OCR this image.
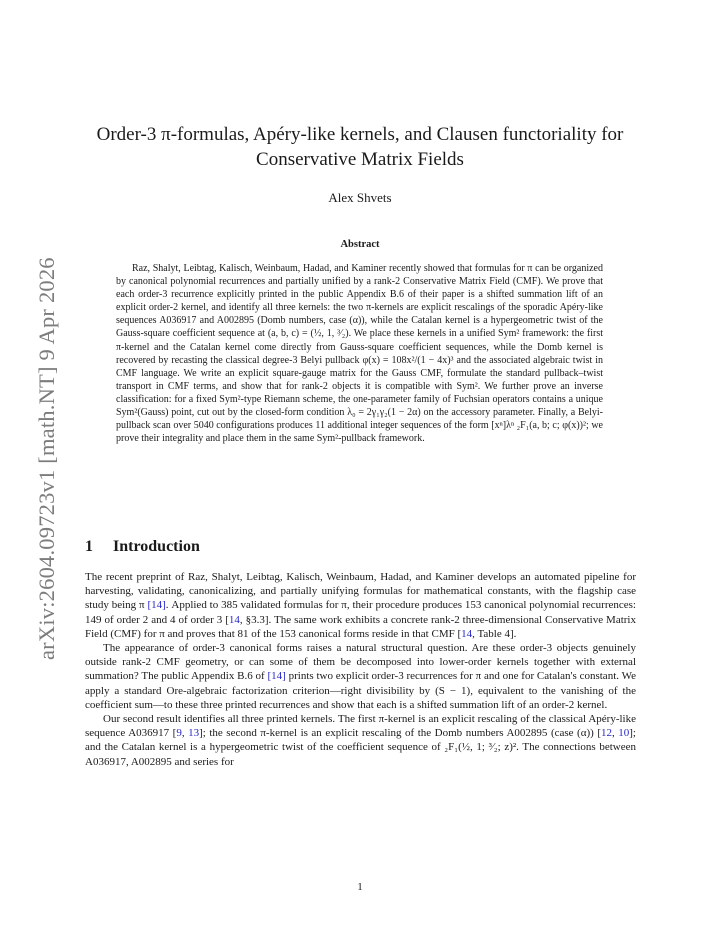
arXiv:2604.09723v1 [math.NT] 9 Apr 2026
Order-3 π-formulas, Apéry-like kernels, and Clausen functoriality for Conservative Matrix Fields
Alex Shvets
Abstract
Raz, Shalyt, Leibtag, Kalisch, Weinbaum, Hadad, and Kaminer recently showed that formulas for π can be organized by canonical polynomial recurrences and partially unified by a rank-2 Conservative Matrix Field (CMF). We prove that each order-3 recurrence explicitly printed in the public Appendix B.6 of their paper is a shifted summation lift of an explicit order-2 kernel, and identify all three kernels: the two π-kernels are explicit rescalings of the sporadic Apéry-like sequences A036917 and A002895 (Domb numbers, case (α)), while the Catalan kernel is a hypergeometric twist of the Gauss-square coefficient sequence at (a, b, c) = (½, 1, ³⁄₂). We place these kernels in a unified Sym² framework: the first π-kernel and the Catalan kernel come directly from Gauss-square coefficient sequences, while the Domb kernel is recovered by recasting the classical degree-3 Belyi pullback φ(x) = 108x²/(1 − 4x)³ and the associated algebraic twist in CMF language. We write an explicit square-gauge matrix for the Gauss CMF, formulate the standard pullback–twist transport in CMF terms, and show that for rank-2 objects it is compatible with Sym². We further prove an inverse classification: for a fixed Sym²-type Riemann scheme, the one-parameter family of Fuchsian operators contains a unique Sym²(Gauss) point, cut out by the closed-form condition λ₀ = 2γ₁γ₂(1 − 2α) on the accessory parameter. Finally, a Belyi-pullback scan over 5040 configurations produces 11 additional integer sequences of the form [xⁿ]λⁿ ₂F₁(a, b; c; φ(x))²; we prove their integrality and place them in the same Sym²-pullback framework.
1 Introduction

The recent preprint of Raz, Shalyt, Leibtag, Kalisch, Weinbaum, Hadad, and Kaminer develops an automated pipeline for harvesting, validating, canonicalizing, and partially unifying formulas for mathematical constants, with the flagship case study being π [14]. Applied to 385 validated formulas for π, their procedure produces 153 canonical polynomial recurrences: 149 of order 2 and 4 of order 3 [14, §3.3]. The same work exhibits a concrete rank-2 three-dimensional Conservative Matrix Field (CMF) for π and proves that 81 of the 153 canonical forms reside in that CMF [14, Table 4].

The appearance of order-3 canonical forms raises a natural structural question. Are these order-3 objects genuinely outside rank-2 CMF geometry, or can some of them be decomposed into lower-order kernels together with external summation? The public Appendix B.6 of [14] prints two explicit order-3 recurrences for π and one for Catalan's constant. We apply a standard Ore-algebraic factorization criterion—right divisibility by (S − 1), equivalent to the vanishing of the coefficient sum—to these three printed recurrences and show that each is a shifted summation lift of an order-2 kernel.

Our second result identifies all three printed kernels. The first π-kernel is an explicit rescaling of the classical Apéry-like sequence A036917 [9, 13]; the second π-kernel is an explicit rescaling of the Domb numbers A002895 (case (α)) [12, 10]; and the Catalan kernel is a hypergeometric twist of the coefficient sequence of ₂F₁(½, 1; ³⁄₂; z)². The connections between A036917, A002895 and series for

1
